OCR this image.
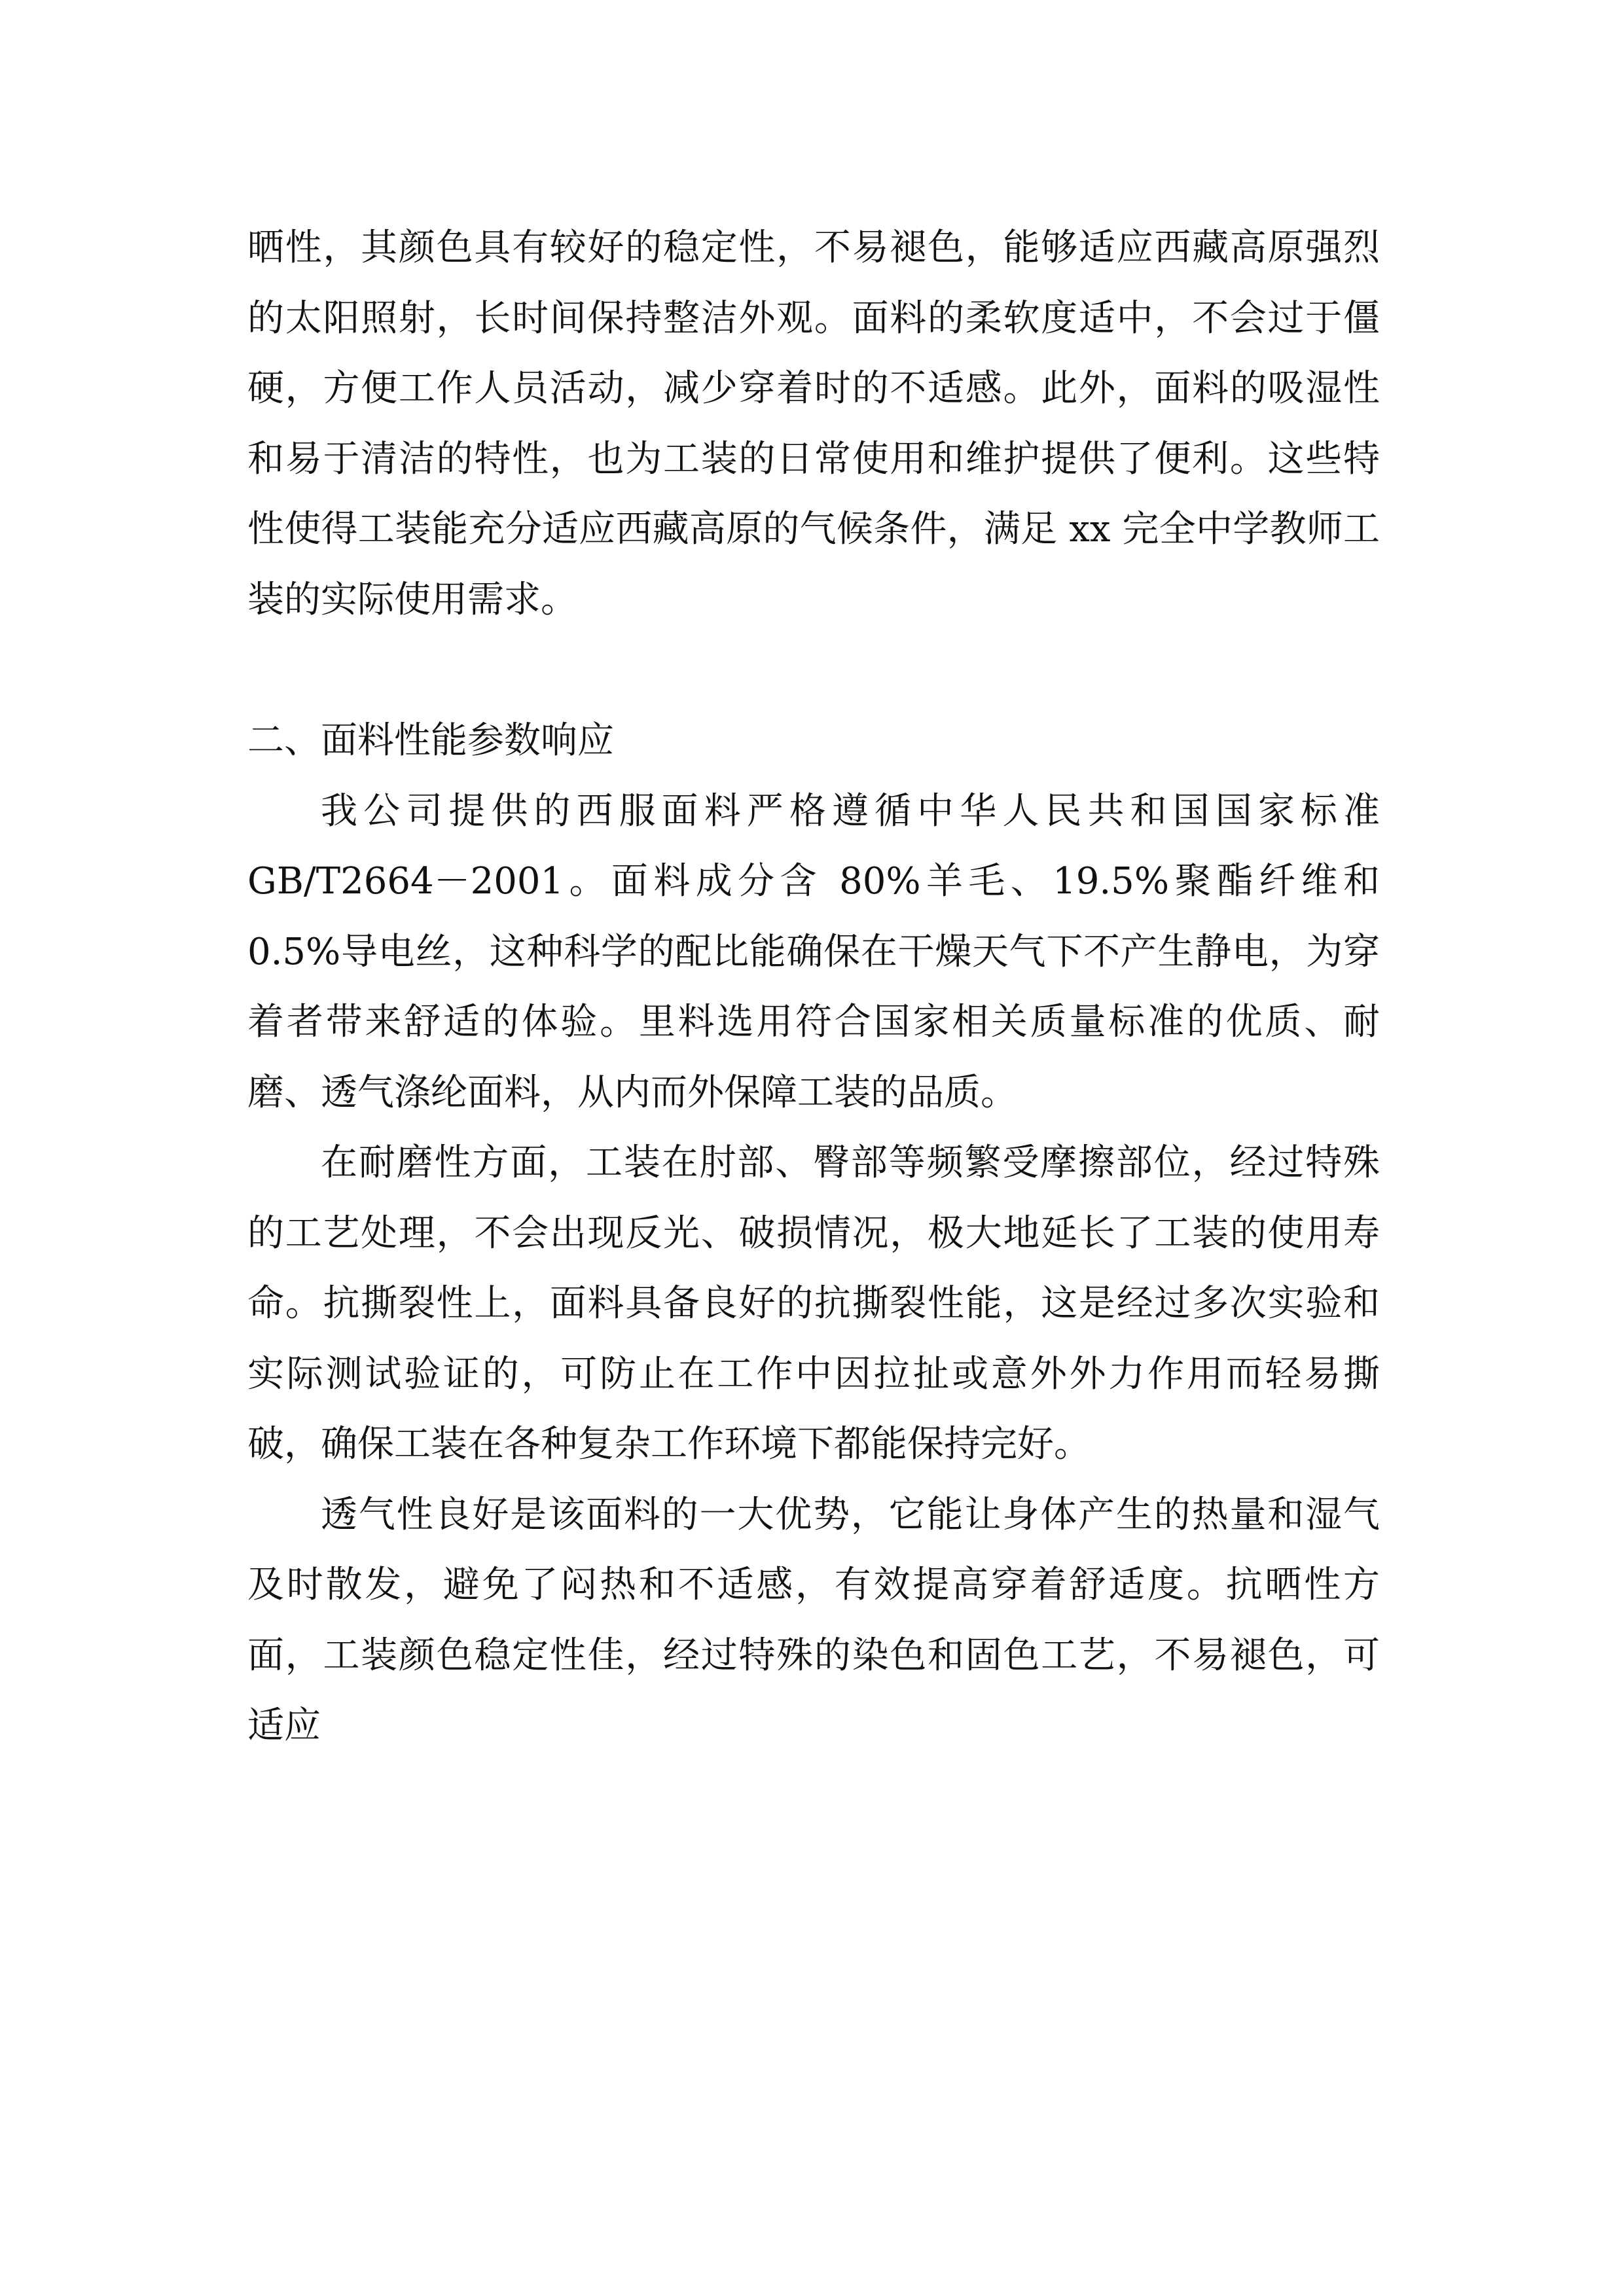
晒性，其颜色具有较好的稳定性，不易褪色，能够适应西藏高原强烈的太阳照射，长时间保持整洁外观。面料的柔软度适中，不会过于僵硬，方便工作人员活动，减少穿着时的不适感。此外，面料的吸湿性和易于清洁的特性，也为工装的日常使用和维护提供了便利。这些特性使得工装能充分适应西藏高原的气候条件，满足 xx 完全中学教师工装的实际使用需求。

二、面料性能参数响应

我公司提供的西服面料严格遵循中华人民共和国国家标准 GB/T2664－2001。面料成分含 80%羊毛、19.5%聚酯纤维和 0.5%导电丝，这种科学的配比能确保在干燥天气下不产生静电，为穿着者带来舒适的体验。里料选用符合国家相关质量标准的优质、耐磨、透气涤纶面料，从内而外保障工装的品质。

在耐磨性方面，工装在肘部、臀部等频繁受摩擦部位，经过特殊的工艺处理，不会出现反光、破损情况，极大地延长了工装的使用寿命。抗撕裂性上，面料具备良好的抗撕裂性能，这是经过多次实验和实际测试验证的，可防止在工作中因拉扯或意外外力作用而轻易撕破，确保工装在各种复杂工作环境下都能保持完好。

透气性良好是该面料的一大优势，它能让身体产生的热量和湿气及时散发，避免了闷热和不适感，有效提高穿着舒适度。抗晒性方面，工装颜色稳定性佳，经过特殊的染色和固色工艺，不易褪色，可适应
